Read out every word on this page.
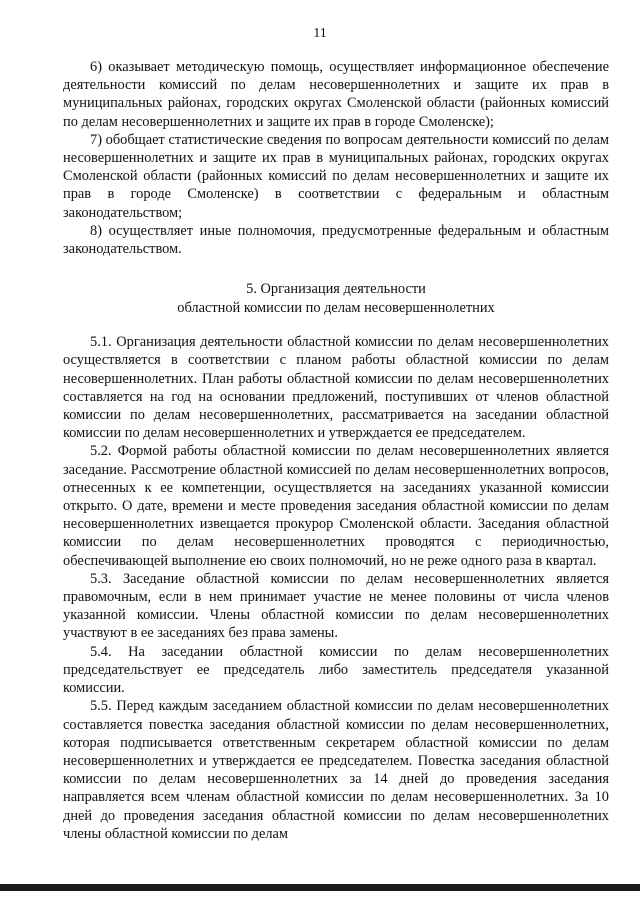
11

6) оказывает методическую помощь, осуществляет информационное обеспечение деятельности комиссий по делам несовершеннолетних и защите их прав в муниципальных районах, городских округах Смоленской области (районных комиссий по делам несовершеннолетних и защите их прав в городе Смоленске);

7) обобщает статистические сведения по вопросам деятельности комиссий по делам несовершеннолетних и защите их прав в муниципальных районах, городских округах Смоленской области (районных комиссий по делам несовершеннолетних и защите их прав в городе Смоленске) в соответствии с федеральным и областным законодательством;

8) осуществляет иные полномочия, предусмотренные федеральным и областным законодательством.

5. Организация деятельности
областной комиссии по делам несовершеннолетних

5.1. Организация деятельности областной комиссии по делам несовершеннолетних осуществляется в соответствии с планом работы областной комиссии по делам несовершеннолетних. План работы областной комиссии по делам несовершеннолетних составляется на год на основании предложений, поступивших от членов областной комиссии по делам несовершеннолетних, рассматривается на заседании областной комиссии по делам несовершеннолетних и утверждается ее председателем.

5.2. Формой работы областной комиссии по делам несовершеннолетних является заседание. Рассмотрение областной комиссией по делам несовершеннолетних вопросов, отнесенных к ее компетенции, осуществляется на заседаниях указанной комиссии открыто. О дате, времени и месте проведения заседания областной комиссии по делам несовершеннолетних извещается прокурор Смоленской области. Заседания областной комиссии по делам несовершеннолетних проводятся с периодичностью, обеспечивающей выполнение ею своих полномочий, но не реже одного раза в квартал.

5.3. Заседание областной комиссии по делам несовершеннолетних является правомочным, если в нем принимает участие не менее половины от числа членов указанной комиссии. Члены областной комиссии по делам несовершеннолетних участвуют в ее заседаниях без права замены.

5.4. На заседании областной комиссии по делам несовершеннолетних председательствует ее председатель либо заместитель председателя указанной комиссии.

5.5. Перед каждым заседанием областной комиссии по делам несовершеннолетних составляется повестка заседания областной комиссии по делам несовершеннолетних, которая подписывается ответственным секретарем областной комиссии по делам несовершеннолетних и утверждается ее председателем. Повестка заседания областной комиссии по делам несовершеннолетних за 14 дней до проведения заседания направляется всем членам областной комиссии по делам несовершеннолетних. За 10 дней до проведения заседания областной комиссии по делам несовершеннолетних члены областной комиссии по делам
